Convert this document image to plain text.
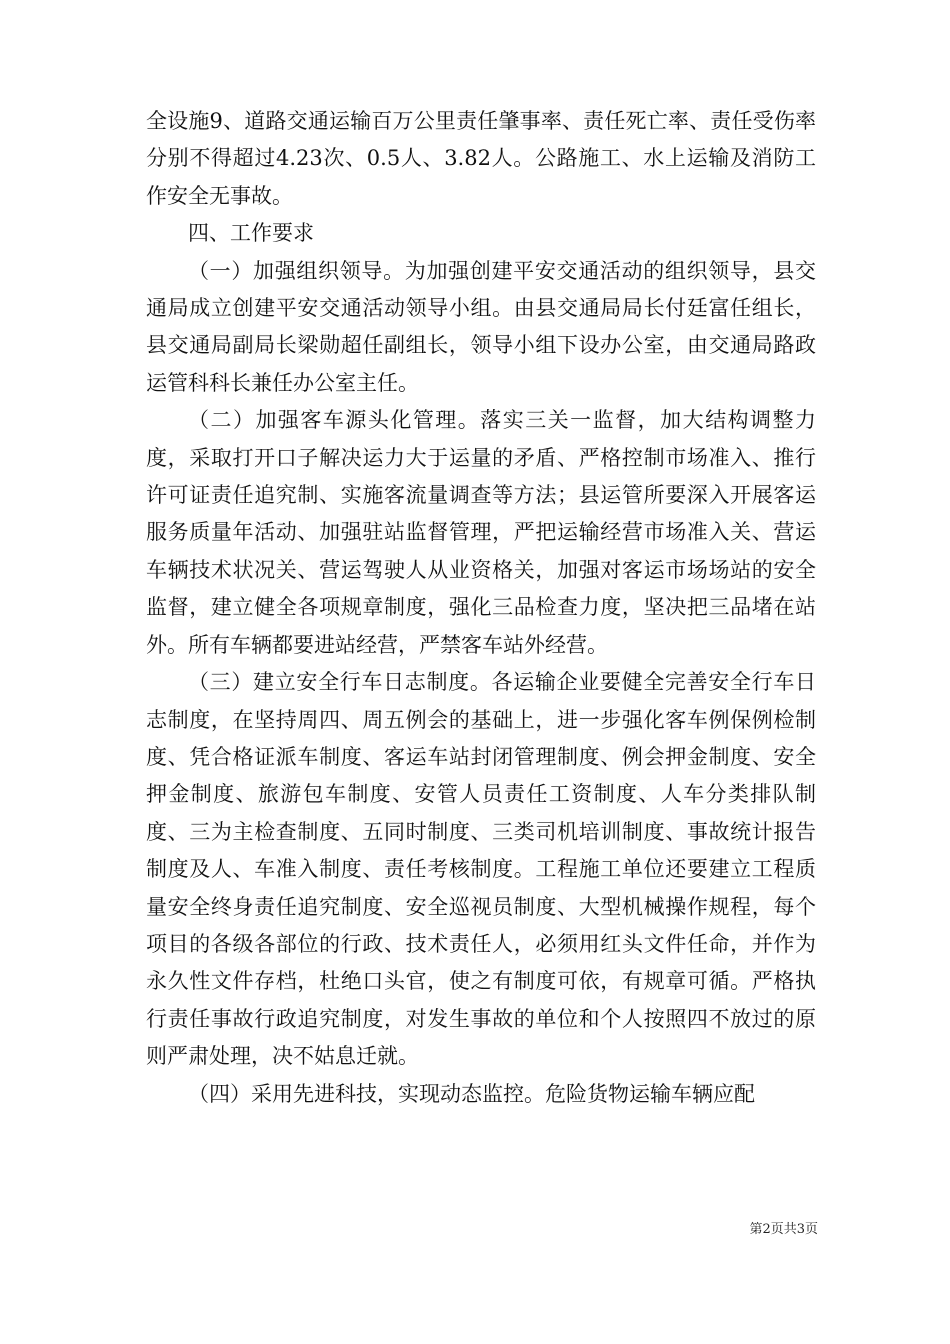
全设施9、道路交通运输百万公里责任肇事率、责任死亡率、责任受伤率分别不得超过4.23次、0.5人、3.82人。公路施工、水上运输及消防工作安全无事故。

四、工作要求

（一）加强组织领导。为加强创建平安交通活动的组织领导，县交通局成立创建平安交通活动领导小组。由县交通局局长付廷富任组长，县交通局副局长梁勋超任副组长，领导小组下设办公室，由交通局路政运管科科长兼任办公室主任。

（二）加强客车源头化管理。落实三关一监督，加大结构调整力度，采取打开口子解决运力大于运量的矛盾、严格控制市场准入、推行许可证责任追究制、实施客流量调查等方法；县运管所要深入开展客运服务质量年活动、加强驻站监督管理，严把运输经营市场准入关、营运车辆技术状况关、营运驾驶人从业资格关，加强对客运市场场站的安全监督，建立健全各项规章制度，强化三品检查力度，坚决把三品堵在站外。所有车辆都要进站经营，严禁客车站外经营。

（三）建立安全行车日志制度。各运输企业要健全完善安全行车日志制度，在坚持周四、周五例会的基础上，进一步强化客车例保例检制度、凭合格证派车制度、客运车站封闭管理制度、例会押金制度、安全押金制度、旅游包车制度、安管人员责任工资制度、人车分类排队制度、三为主检查制度、五同时制度、三类司机培训制度、事故统计报告制度及人、车准入制度、责任考核制度。工程施工单位还要建立工程质量安全终身责任追究制度、安全巡视员制度、大型机械操作规程，每个项目的各级各部位的行政、技术责任人，必须用红头文件任命，并作为永久性文件存档，杜绝口头官，使之有制度可依，有规章可循。严格执行责任事故行政追究制度，对发生事故的单位和个人按照四不放过的原则严肃处理，决不姑息迁就。

（四）采用先进科技，实现动态监控。危险货物运输车辆应配

第2页共3页
